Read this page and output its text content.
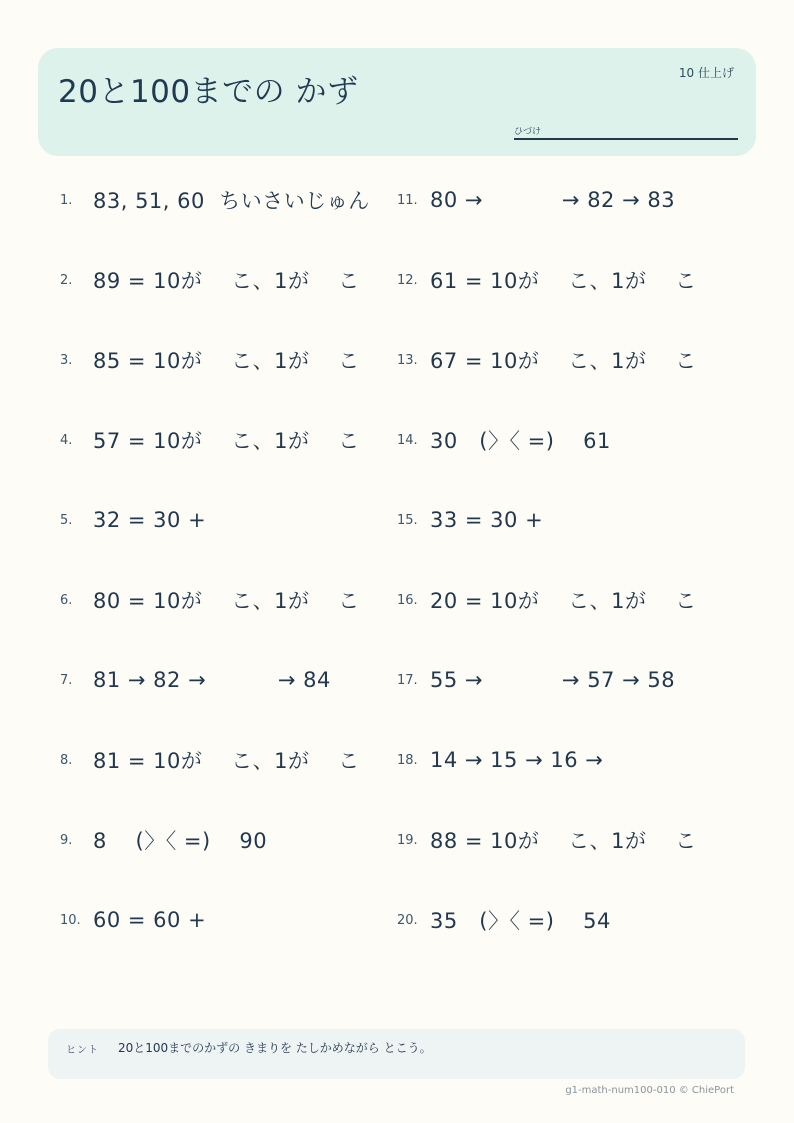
20と100までの かず
10 仕上げ
ひづけ
1. 83, 51, 60  ちいさいじゅん
2. 89 = 10が    こ、1が    こ
3. 85 = 10が    こ、1が    こ
4. 57 = 10が    こ、1が    こ
5. 32 = 30 +
6. 80 = 10が    こ、1が    こ
7. 81 → 82 →          → 84
8. 81 = 10が    こ、1が    こ
9. 8    (〉〈 =)    90
10. 60 = 60 +
11. 80 →           → 82 → 83
12. 61 = 10が    こ、1が    こ
13. 67 = 10が    こ、1が    こ
14. 30   (〉〈 =)    61
15. 33 = 30 +
16. 20 = 10が    こ、1が    こ
17. 55 →           → 57 → 58
18. 14 → 15 → 16 →
19. 88 = 10が    こ、1が    こ
20. 35   (〉〈 =)    54
ヒント 20と100までのかずの きまりを たしかめながら とこう。
g1-math-num100-010 © ChiePort
